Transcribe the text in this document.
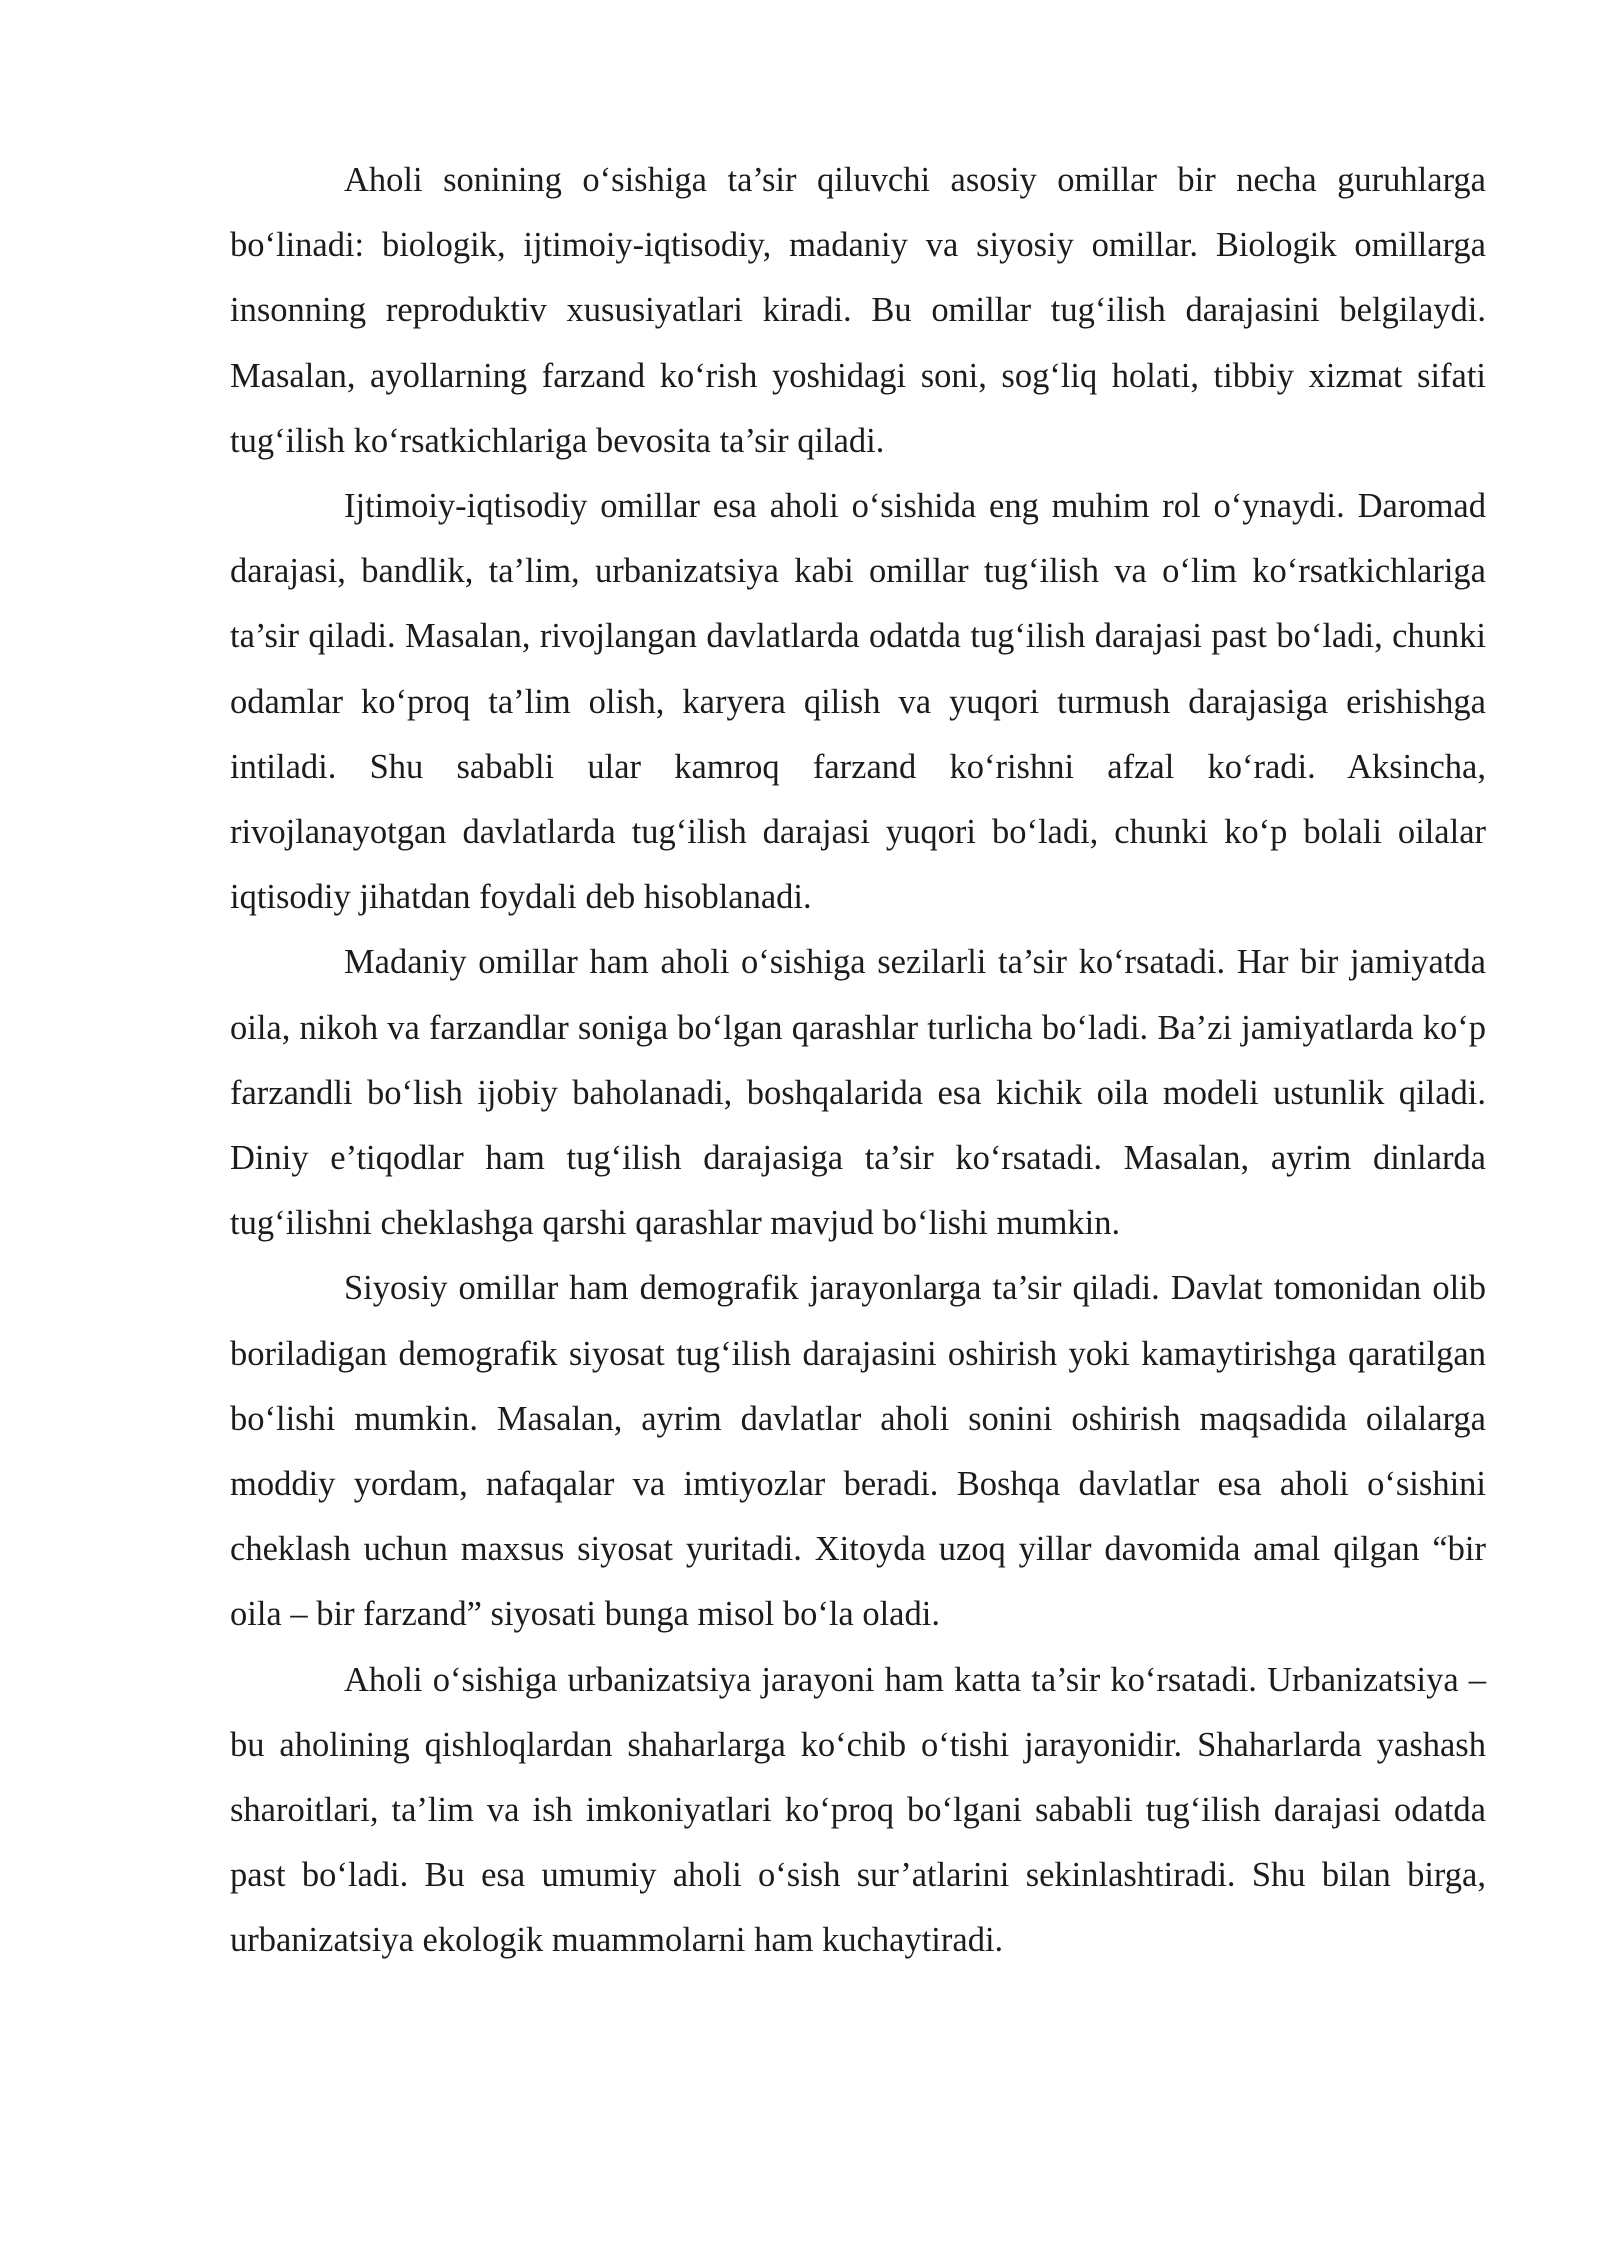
Aholi sonining o‘sishiga ta’sir qiluvchi asosiy omillar bir necha guruhlarga bo‘linadi: biologik, ijtimoiy-iqtisodiy, madaniy va siyosiy omillar. Biologik omillarga insonning reproduktiv xususiyatlari kiradi. Bu omillar tug‘ilish darajasini belgilaydi. Masalan, ayollarning farzand ko‘rish yoshidagi soni, sog‘liq holati, tibbiy xizmat sifati tug‘ilish ko‘rsatkichlariga bevosita ta’sir qiladi.

Ijtimoiy-iqtisodiy omillar esa aholi o‘sishida eng muhim rol o‘ynaydi. Daromad darajasi, bandlik, ta’lim, urbanizatsiya kabi omillar tug‘ilish va o‘lim ko‘rsatkichlariga ta’sir qiladi. Masalan, rivojlangan davlatlarda odatda tug‘ilish darajasi past bo‘ladi, chunki odamlar ko‘proq ta’lim olish, karyera qilish va yuqori turmush darajasiga erishishga intiladi. Shu sababli ular kamroq farzand ko‘rishni afzal ko‘radi. Aksincha, rivojlanayotgan davlatlarda tug‘ilish darajasi yuqori bo‘ladi, chunki ko‘p bolali oilalar iqtisodiy jihatdan foydali deb hisoblanadi.

Madaniy omillar ham aholi o‘sishiga sezilarli ta’sir ko‘rsatadi. Har bir jamiyatda oila, nikoh va farzandlar soniga bo‘lgan qarashlar turlicha bo‘ladi. Ba’zi jamiyatlarda ko‘p farzandli bo‘lish ijobiy baholanadi, boshqalarida esa kichik oila modeli ustunlik qiladi. Diniy e’tiqodlar ham tug‘ilish darajasiga ta’sir ko‘rsatadi. Masalan, ayrim dinlarda tug‘ilishni cheklashga qarshi qarashlar mavjud bo‘lishi mumkin.

Siyosiy omillar ham demografik jarayonlarga ta’sir qiladi. Davlat tomonidan olib boriladigan demografik siyosat tug‘ilish darajasini oshirish yoki kamaytirishga qaratilgan bo‘lishi mumkin. Masalan, ayrim davlatlar aholi sonini oshirish maqsadida oilalarga moddiy yordam, nafaqalar va imtiyozlar beradi. Boshqa davlatlar esa aholi o‘sishini cheklash uchun maxsus siyosat yuritadi. Xitoyda uzoq yillar davomida amal qilgan “bir oila – bir farzand” siyosati bunga misol bo‘la oladi.

Aholi o‘sishiga urbanizatsiya jarayoni ham katta ta’sir ko‘rsatadi. Urbanizatsiya – bu aholining qishloqlardan shaharlarga ko‘chib o‘tishi jarayonidir. Shaharlarda yashash sharoitlari, ta’lim va ish imkoniyatlari ko‘proq bo‘lgani sababli tug‘ilish darajasi odatda past bo‘ladi. Bu esa umumiy aholi o‘sish sur’atlarini sekinlashtiradi. Shu bilan birga, urbanizatsiya ekologik muammolarni ham kuchaytiradi.
